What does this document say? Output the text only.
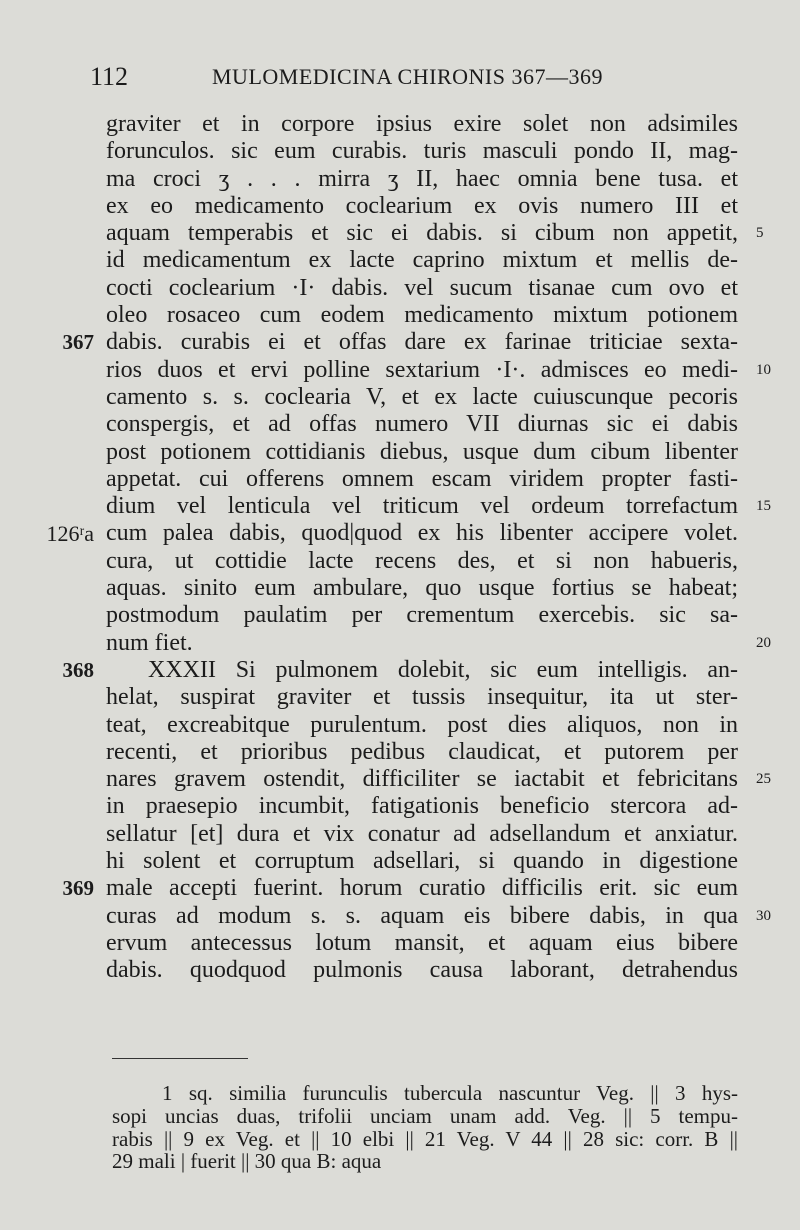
112	MULOMEDICINA CHIRONIS 367—369
graviter et in corpore ipsius exire solet non adsimiles
forunculos. sic eum curabis. turis masculi pondo II, mag-
ma croci ʒ . . . mirra ʒ II, haec omnia bene tusa. et
ex eo medicamento coclearium ex ovis numero III et
aquam temperabis et sic ei dabis. si cibum non appetit, 5
id medicamentum ex lacte caprino mixtum et mellis de-
cocti coclearium ·I· dabis. vel sucum tisanae cum ovo et
oleo rosaceo cum eodem medicamento mixtum potionem
367 dabis. curabis ei et offas dare ex farinae triticiae sexta-
rios duos et ervi polline sextarium ·I·. admisces eo medi- 10
camento s. s. coclearia V, et ex lacte cuiuscunque pecoris
conspergis, et ad offas numero VII diurnas sic ei dabis
post potionem cottidianis diebus, usque dum cibum libenter
appetat. cui offerens omnem escam viridem propter fasti-
dium vel lenticula vel triticum vel ordeum torrefactum 15
126ʳa cum palea dabis, quod|quod ex his libenter accipere volet.
cura, ut cottidie lacte recens des, et si non habueris,
aquas. sinito eum ambulare, quo usque fortius se habeat;
postmodum paulatim per crementum exercebis. sic sa-
num fiet.	20
368 XXXII Si pulmonem dolebit, sic eum intelligis. an-
helat, suspirat graviter et tussis insequitur, ita ut ster-
teat, excreabitque purulentum. post dies aliquos, non in
recenti, et prioribus pedibus claudicat, et putorem per
nares gravem ostendit, difficiliter se iactabit et febricitans 25
in praesepio incumbit, fatigationis beneficio stercora ad-
sellatur [et] dura et vix conatur ad adsellandum et anxiatur.
hi solent et corruptum adsellari, si quando in digestione
369 male accepti fuerint. horum curatio difficilis erit. sic eum
curas ad modum s. s. aquam eis bibere dabis, in qua 30
ervum antecessus lotum mansit, et aquam eius bibere
dabis. quodquod pulmonis causa laborant, detrahendus
1 sq. similia furunculis tubercula nascuntur Veg. || 3 hys-
sopi uncias duas, trifolii unciam unam add. Veg. || 5 tempu-
rabis || 9 ex Veg. et || 10 elbi || 21 Veg. V 44 || 28 sic: corr. B ||
29 mali | fuerit || 30 qua B: aqua
